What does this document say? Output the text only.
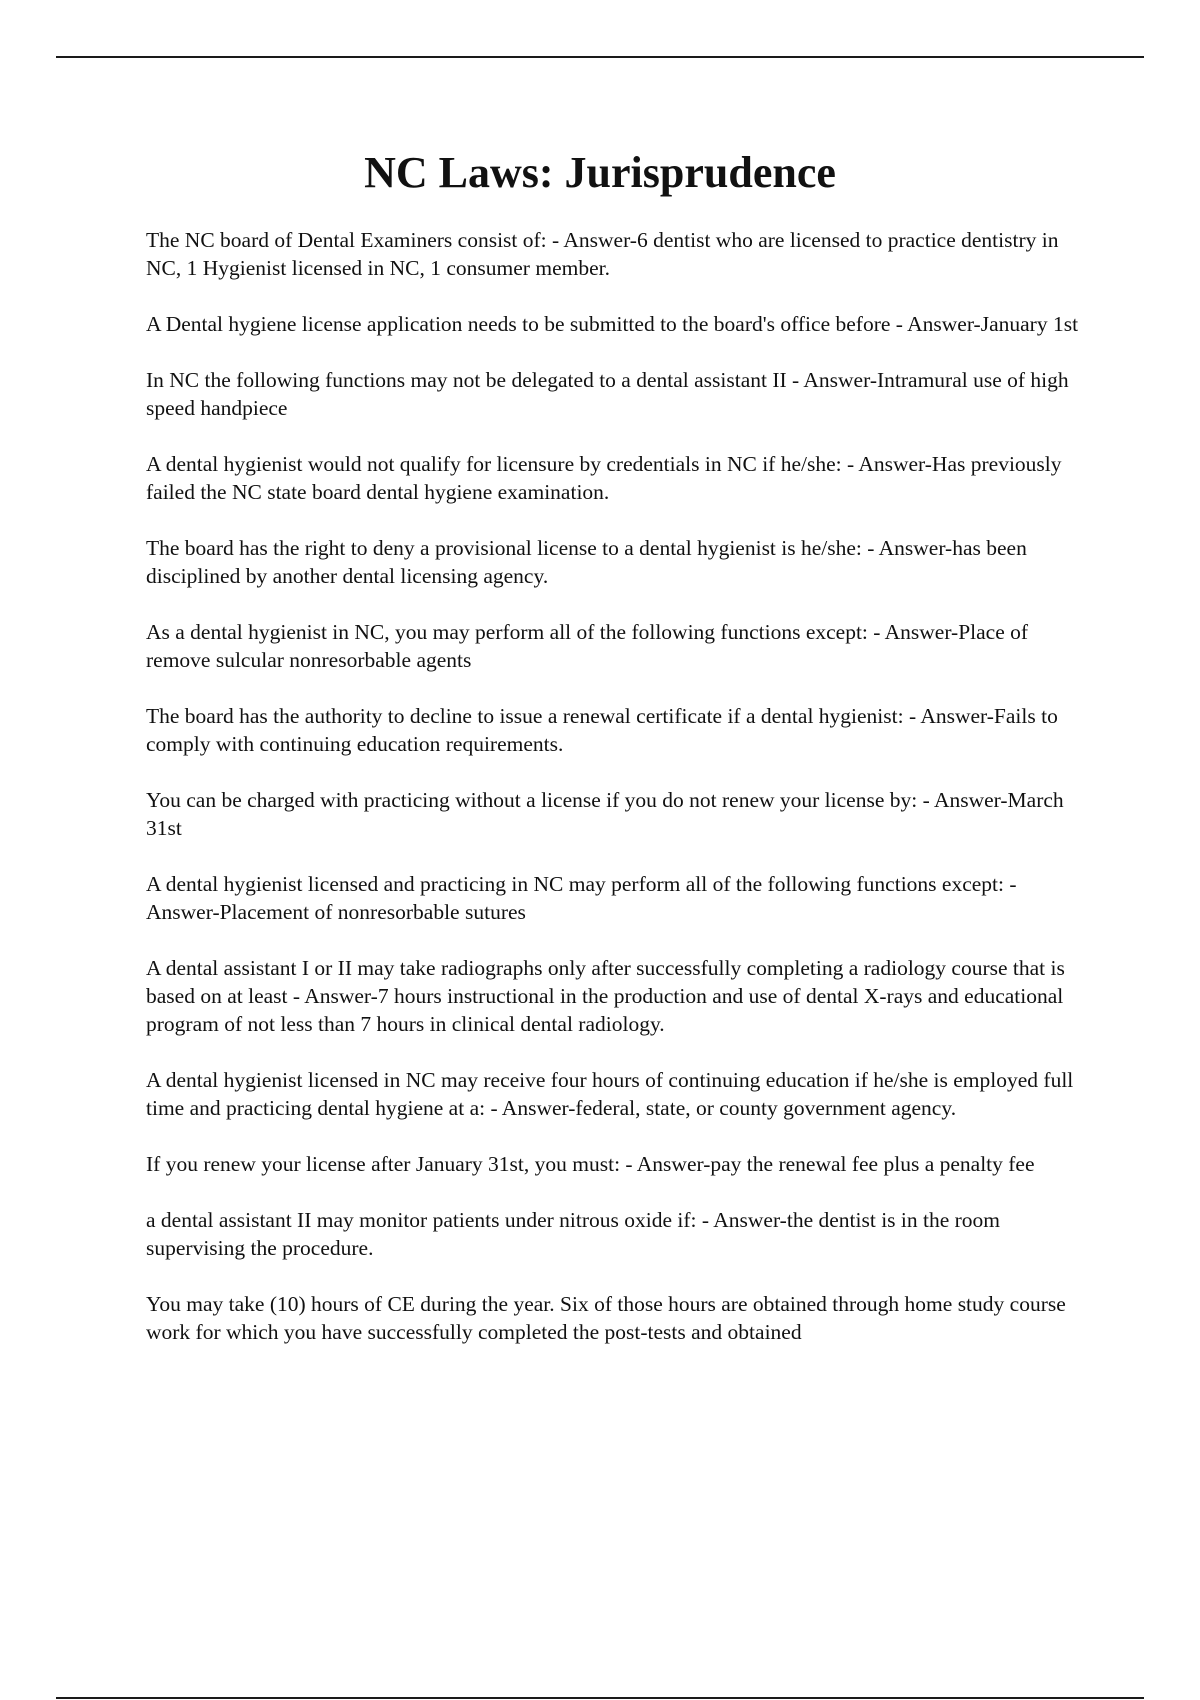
NC Laws: Jurisprudence
The NC board of Dental Examiners consist of: - Answer-6 dentist who are licensed to practice dentistry in NC, 1 Hygienist licensed in NC, 1 consumer member.
A Dental hygiene license application needs to be submitted to the board's office before - Answer-January 1st
In NC the following functions may not be delegated to a dental assistant II - Answer-Intramural use of high speed handpiece
A dental hygienist would not qualify for licensure by credentials in NC if he/she: - Answer-Has previously failed the NC state board dental hygiene examination.
The board has the right to deny a provisional license to a dental hygienist is he/she: - Answer-has been disciplined by another dental licensing agency.
As a dental hygienist in NC, you may perform all of the following functions except: - Answer-Place of remove sulcular nonresorbable agents
The board has the authority to decline to issue a renewal certificate if a dental hygienist: - Answer-Fails to comply with continuing education requirements.
You can be charged with practicing without a license if you do not renew your license by: - Answer-March 31st
A dental hygienist licensed and practicing in NC may perform all of the following functions except: - Answer-Placement of nonresorbable sutures
A dental assistant I or II may take radiographs only after successfully completing a radiology course that is based on at least - Answer-7 hours instructional in the production and use of dental X-rays and educational program of not less than 7 hours in clinical dental radiology.
A dental hygienist licensed in NC may receive four hours of continuing education if he/she is employed full time and practicing dental hygiene at a: - Answer-federal, state, or county government agency.
If you renew your license after January 31st, you must: - Answer-pay the renewal fee plus a penalty fee
a dental assistant II may monitor patients under nitrous oxide if: - Answer-the dentist is in the room supervising the procedure.
You may take (10) hours of CE during the year. Six of those hours are obtained through home study course work for which you have successfully completed the post-tests and obtained
